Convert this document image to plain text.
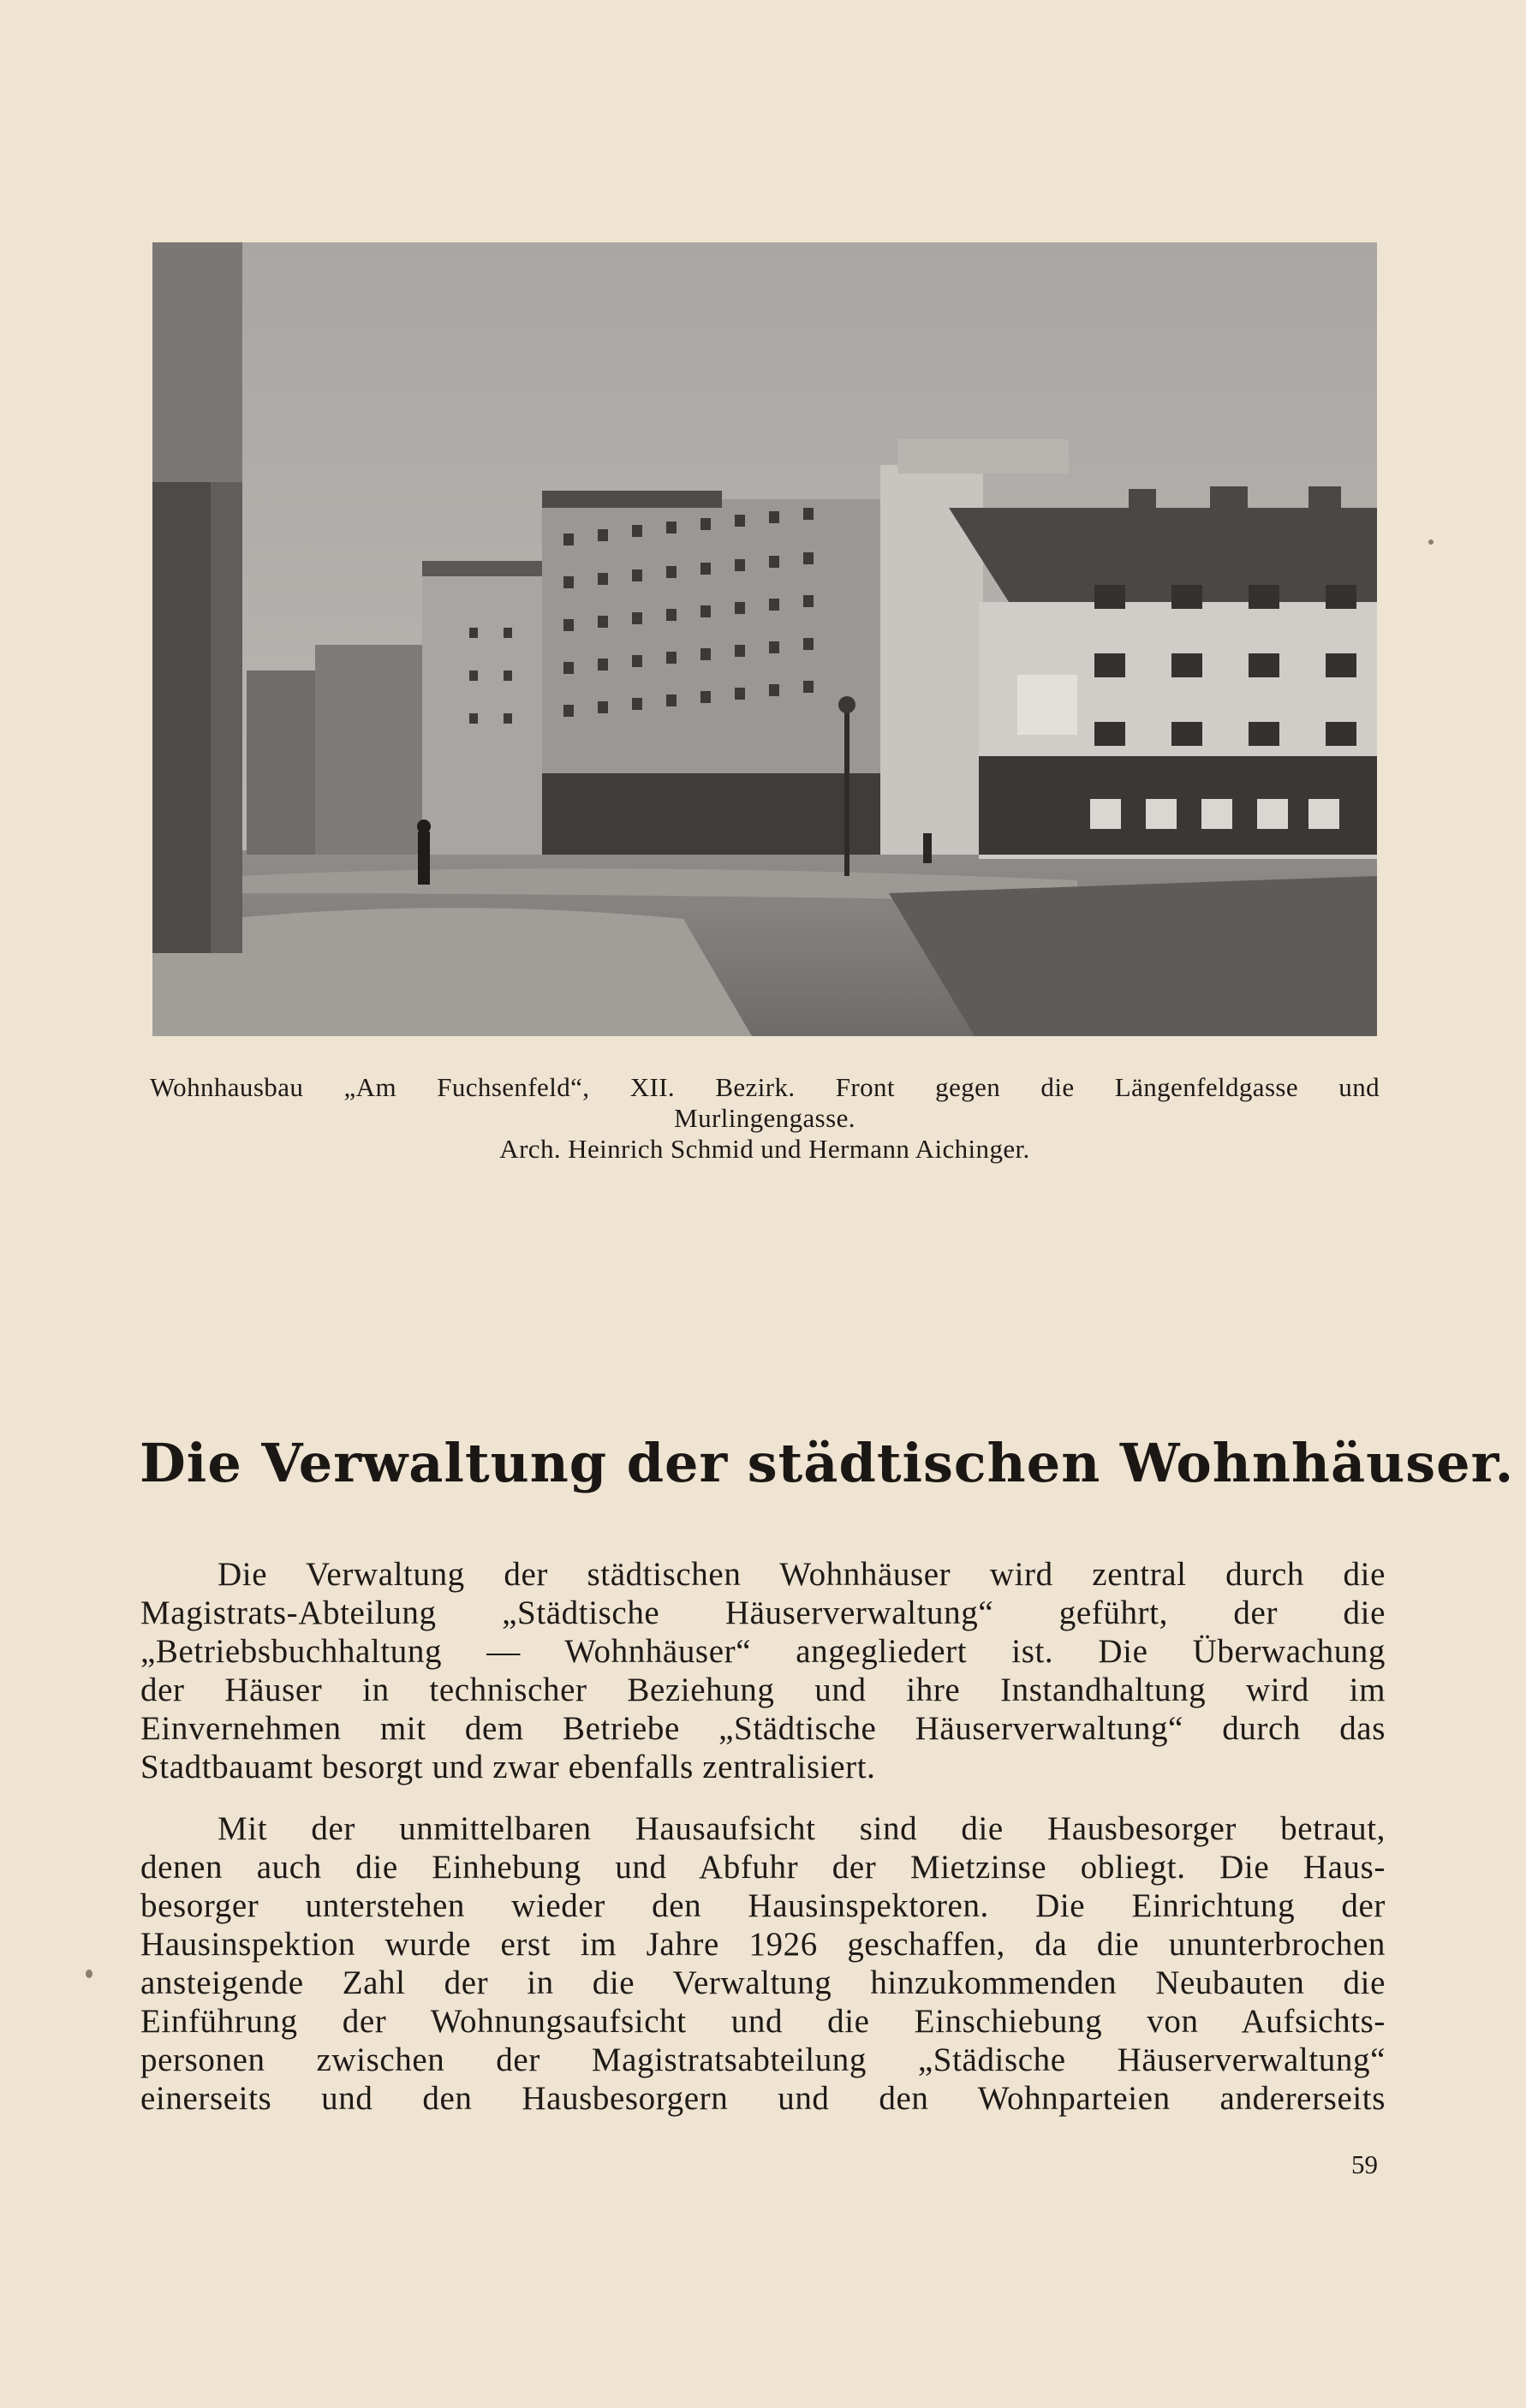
Wohnhausbau „Am Fuchsenfeld“, XII. Bezirk. Front gegen die Längenfeldgasse und
Murlingengasse.
Arch. Heinrich Schmid und Hermann Aichinger.
Die Verwaltung der städtischen Wohnhäuser.
Die Verwaltung der städtischen Wohnhäuser wird zentral durch die
Magistrats-Abteilung „Städtische Häuserverwaltung“ geführt, der die
„Betriebsbuchhaltung — Wohnhäuser“ angegliedert ist. Die Überwachung
der Häuser in technischer Beziehung und ihre Instandhaltung wird im
Einvernehmen mit dem Betriebe „Städtische Häuserverwaltung“ durch das
Stadtbauamt besorgt und zwar ebenfalls zentralisiert.
Mit der unmittelbaren Hausaufsicht sind die Hausbesorger betraut,
denen auch die Einhebung und Abfuhr der Mietzinse obliegt. Die Haus-
besorger unterstehen wieder den Hausinspektoren. Die Einrichtung der
Hausinspektion wurde erst im Jahre 1926 geschaffen, da die ununterbrochen
ansteigende Zahl der in die Verwaltung hinzukommenden Neubauten die
Einführung der Wohnungsaufsicht und die Einschiebung von Aufsichts-
personen zwischen der Magistratsabteilung „Städische Häuserverwaltung“
einerseits und den Hausbesorgern und den Wohnparteien andererseits
59
